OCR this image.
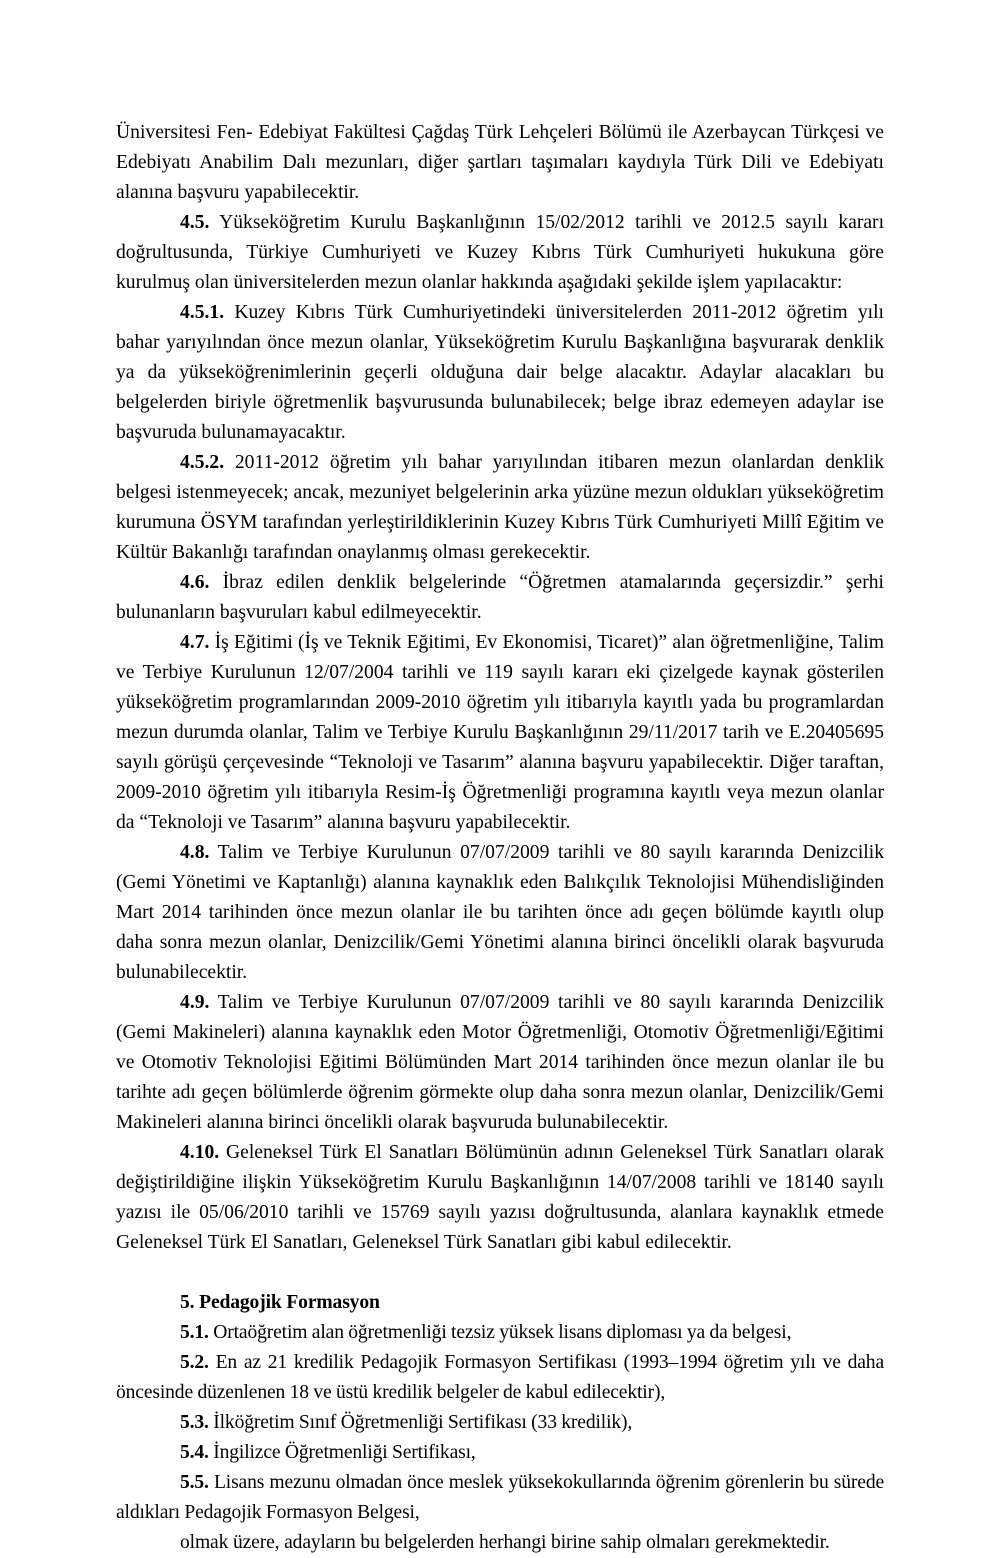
Üniversitesi Fen- Edebiyat Fakültesi Çağdaş Türk Lehçeleri Bölümü ile Azerbaycan Türkçesi ve Edebiyatı Anabilim Dalı mezunları, diğer şartları taşımaları kaydıyla Türk Dili ve Edebiyatı alanına başvuru yapabilecektir.

4.5. Yükseköğretim Kurulu Başkanlığının 15/02/2012 tarihli ve 2012.5 sayılı kararı doğrultusunda, Türkiye Cumhuriyeti ve Kuzey Kıbrıs Türk Cumhuriyeti hukukuna göre kurulmuş olan üniversitelerden mezun olanlar hakkında aşağıdaki şekilde işlem yapılacaktır:

4.5.1. Kuzey Kıbrıs Türk Cumhuriyetindeki üniversitelerden 2011-2012 öğretim yılı bahar yarıyılından önce mezun olanlar, Yükseköğretim Kurulu Başkanlığına başvurarak denklik ya da yükseköğrenimlerinin geçerli olduğuna dair belge alacaktır. Adaylar alacakları bu belgelerden biriyle öğretmenlik başvurusunda bulunabilecek; belge ibraz edemeyen adaylar ise başvuruda bulunamayacaktır.

4.5.2. 2011-2012 öğretim yılı bahar yarıyılından itibaren mezun olanlardan denklik belgesi istenmeyecek; ancak, mezuniyet belgelerinin arka yüzüne mezun oldukları yükseköğretim kurumuna ÖSYM tarafından yerleştirildiklerinin Kuzey Kıbrıs Türk Cumhuriyeti Millî Eğitim ve Kültür Bakanlığı tarafından onaylanmış olması gerekecektir.

4.6. İbraz edilen denklik belgelerinde “Öğretmen atamalarında geçersizdir.” şerhi bulunanların başvuruları kabul edilmeyecektir.

4.7. İş Eğitimi (İş ve Teknik Eğitimi, Ev Ekonomisi, Ticaret)” alan öğretmenliğine, Talim ve Terbiye Kurulunun 12/07/2004 tarihli ve 119 sayılı kararı eki çizelgede kaynak gösterilen yükseköğretim programlarından 2009-2010 öğretim yılı itibarıyla kayıtlı yada bu programlardan mezun durumda olanlar, Talim ve Terbiye Kurulu Başkanlığının 29/11/2017 tarih ve E.20405695 sayılı görüşü çerçevesinde “Teknoloji ve Tasarım” alanına başvuru yapabilecektir. Diğer taraftan, 2009-2010 öğretim yılı itibarıyla Resim-İş Öğretmenliği programına kayıtlı veya mezun olanlar da “Teknoloji ve Tasarım” alanına başvuru yapabilecektir.

4.8. Talim ve Terbiye Kurulunun 07/07/2009 tarihli ve 80 sayılı kararında Denizcilik (Gemi Yönetimi ve Kaptanlığı) alanına kaynaklık eden Balıkçılık Teknolojisi Mühendisliğinden Mart 2014 tarihinden önce mezun olanlar ile bu tarihten önce adı geçen bölümde kayıtlı olup daha sonra mezun olanlar, Denizcilik/Gemi Yönetimi alanına birinci öncelikli olarak başvuruda bulunabilecektir.

4.9. Talim ve Terbiye Kurulunun 07/07/2009 tarihli ve 80 sayılı kararında Denizcilik (Gemi Makineleri) alanına kaynaklık eden Motor Öğretmenliği, Otomotiv Öğretmenliği/Eğitimi ve Otomotiv Teknolojisi Eğitimi Bölümünden Mart 2014 tarihinden önce mezun olanlar ile bu tarihte adı geçen bölümlerde öğrenim görmekte olup daha sonra mezun olanlar, Denizcilik/Gemi Makineleri alanına birinci öncelikli olarak başvuruda bulunabilecektir.

4.10. Geleneksel Türk El Sanatları Bölümünün adının Geleneksel Türk Sanatları olarak değiştirildiğine ilişkin Yükseköğretim Kurulu Başkanlığının 14/07/2008 tarihli ve 18140 sayılı yazısı ile 05/06/2010 tarihli ve 15769 sayılı yazısı doğrultusunda, alanlara kaynaklık etmede Geleneksel Türk El Sanatları, Geleneksel Türk Sanatları gibi kabul edilecektir.

5. Pedagojik Formasyon

5.1. Ortaöğretim alan öğretmenliği tezsiz yüksek lisans diploması ya da belgesi,

5.2. En az 21 kredilik Pedagojik Formasyon Sertifikası (1993–1994 öğretim yılı ve daha öncesinde düzenlenen 18 ve üstü kredilik belgeler de kabul edilecektir),

5.3. İlköğretim Sınıf Öğretmenliği Sertifikası (33 kredilik),

5.4. İngilizce Öğretmenliği Sertifikası,

5.5. Lisans mezunu olmadan önce meslek yüksekokullarında öğrenim görenlerin bu sürede aldıkları Pedagojik Formasyon Belgesi,

olmak üzere, adayların bu belgelerden herhangi birine sahip olmaları gerekmektedir.
